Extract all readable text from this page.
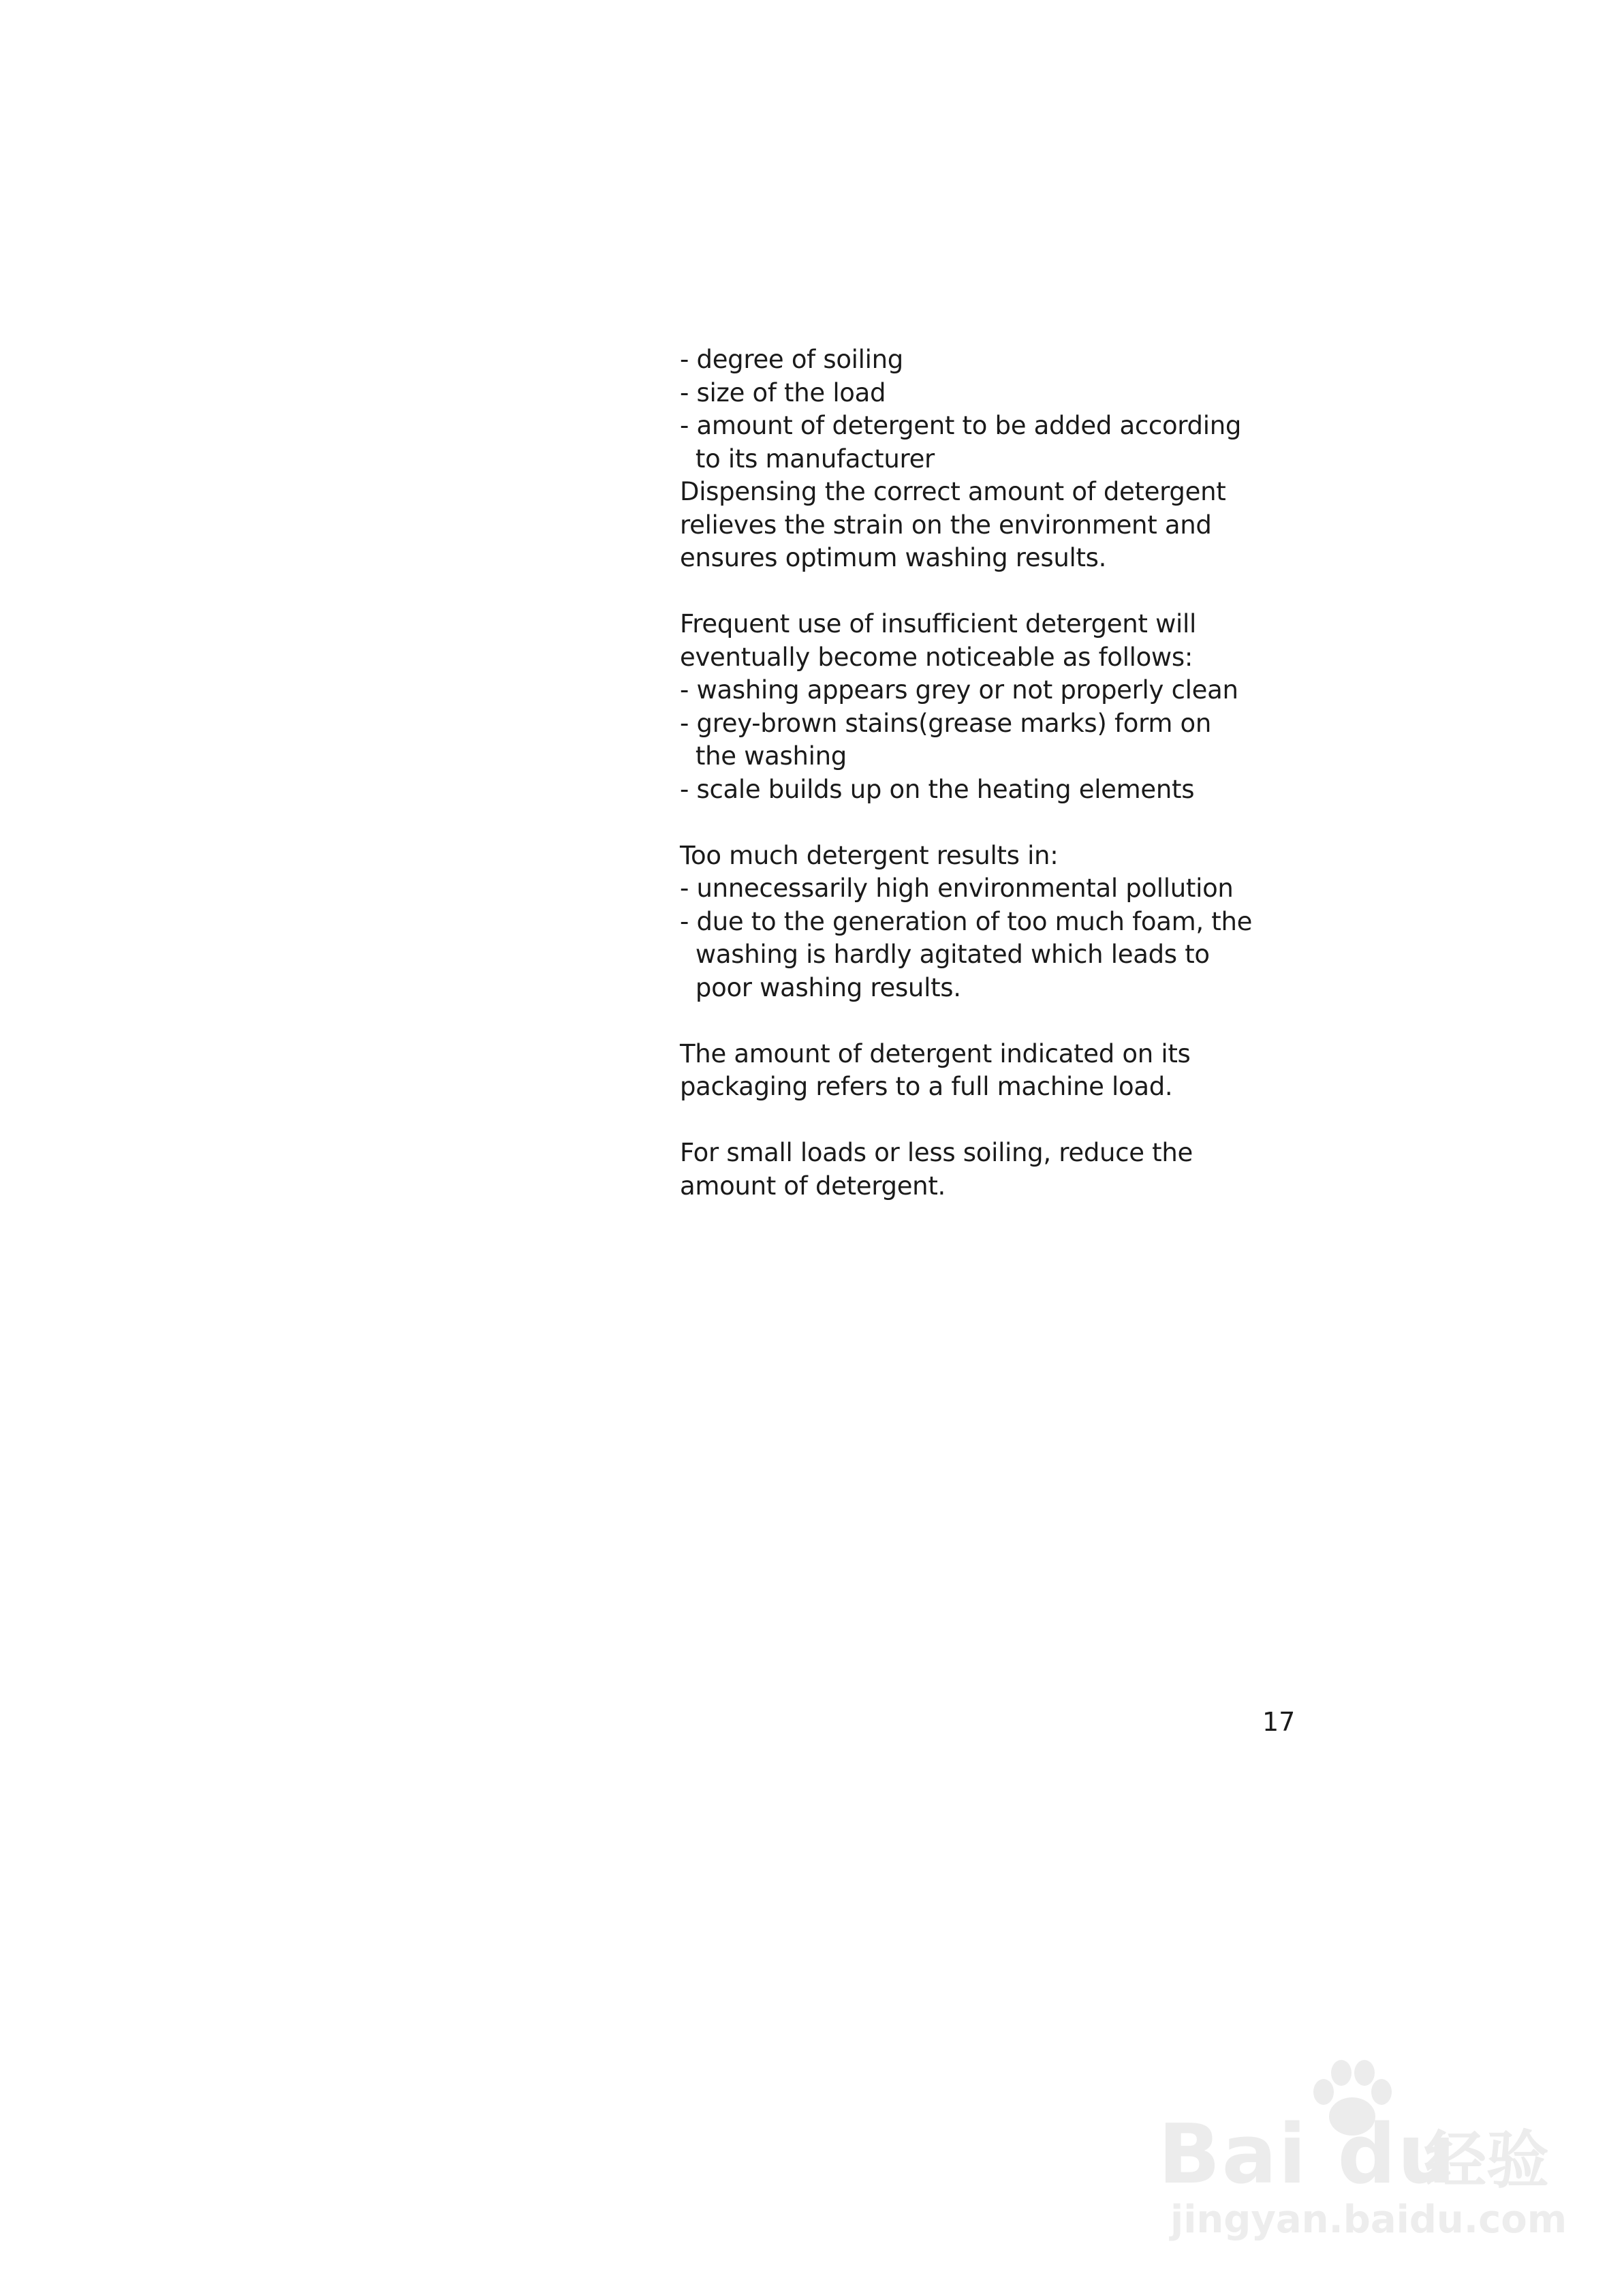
- degree of soiling
- size of the load
- amount of detergent to be added according
to its manufacturer
Dispensing the correct amount of detergent
relieves the strain on the environment and
ensures optimum washing results.
Frequent use of insufficient detergent will
eventually become noticeable as follows:
- washing appears grey or not properly clean
- grey-brown stains(grease marks) form on
the washing
- scale builds up on the heating elements
Too much detergent results in:
- unnecessarily high environmental pollution
- due to the generation of too much foam, the
washing is hardly agitated which leads to
poor washing results.
The amount of detergent indicated on its
packaging refers to a full machine load.
For small loads or less soiling, reduce the
amount of detergent.
17
Bai du
经验
jingyan.baidu.com
